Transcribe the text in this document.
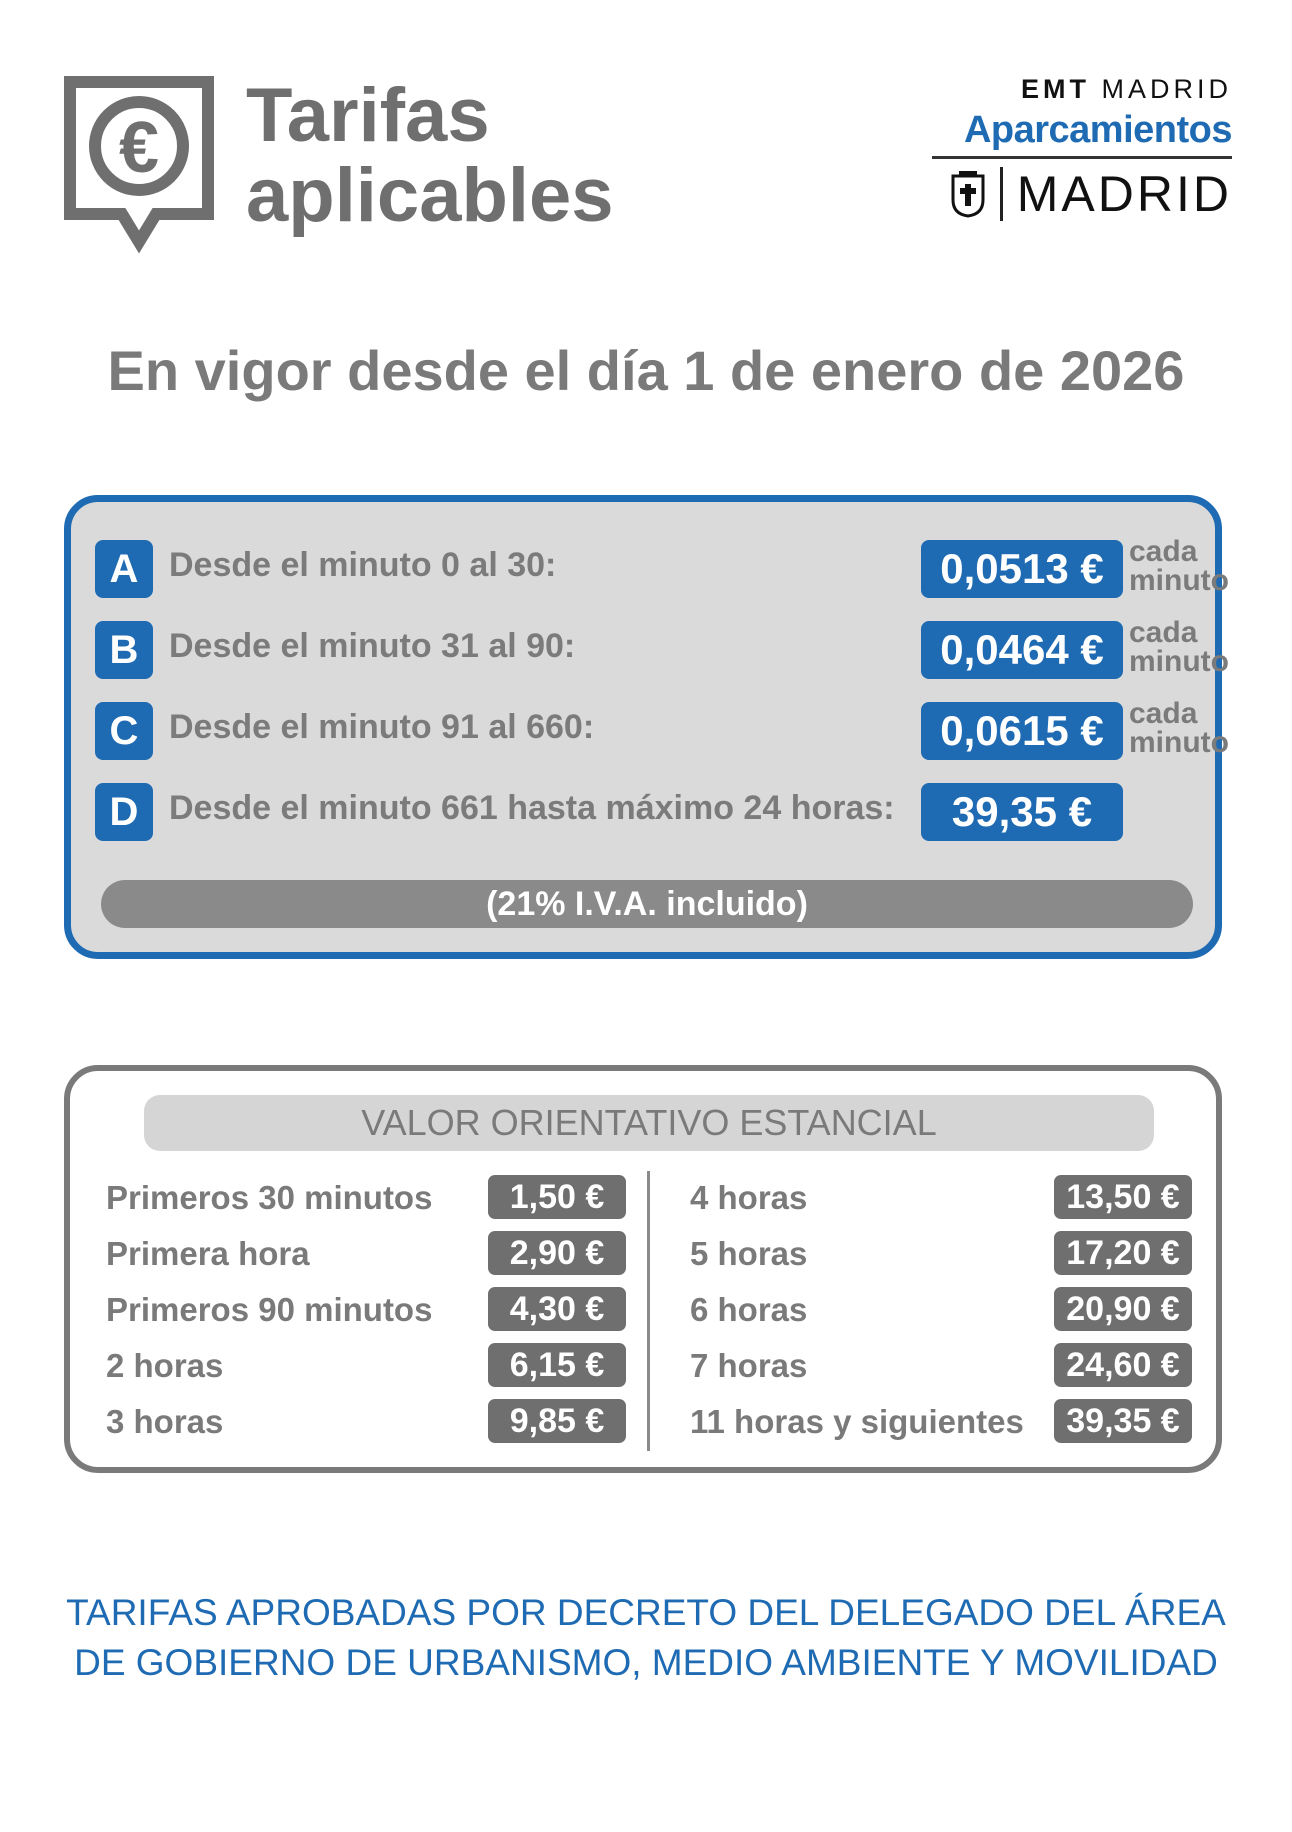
€ Tarifas
aplicables
EMT MADRID
Aparcamientos
MADRID
En vigor desde el día 1 de enero de 2026
A Desde el minuto 0 al 30:	0,0513 € cada
minuto
B Desde el minuto 31 al 90:	0,0464 € cada
minuto
C Desde el minuto 91 al 660:	0,0615 € cada
minuto
D Desde el minuto 661 hasta máximo 24 horas:	39,35 €
(21% I.V.A. incluido)
VALOR ORIENTATIVO ESTANCIAL
Primeros 30 minutos	1,50 €
Primera hora	2,90 €
Primeros 90 minutos	4,30 €
2 horas	6,15 €
3 horas	9,85 €
4 horas	13,50 €
5 horas	17,20 €
6 horas	20,90 €
7 horas	24,60 €
11 horas y siguientes	39,35 €
TARIFAS APROBADAS POR DECRETO DEL DELEGADO DEL ÁREA
DE GOBIERNO DE URBANISMO, MEDIO AMBIENTE Y MOVILIDAD
